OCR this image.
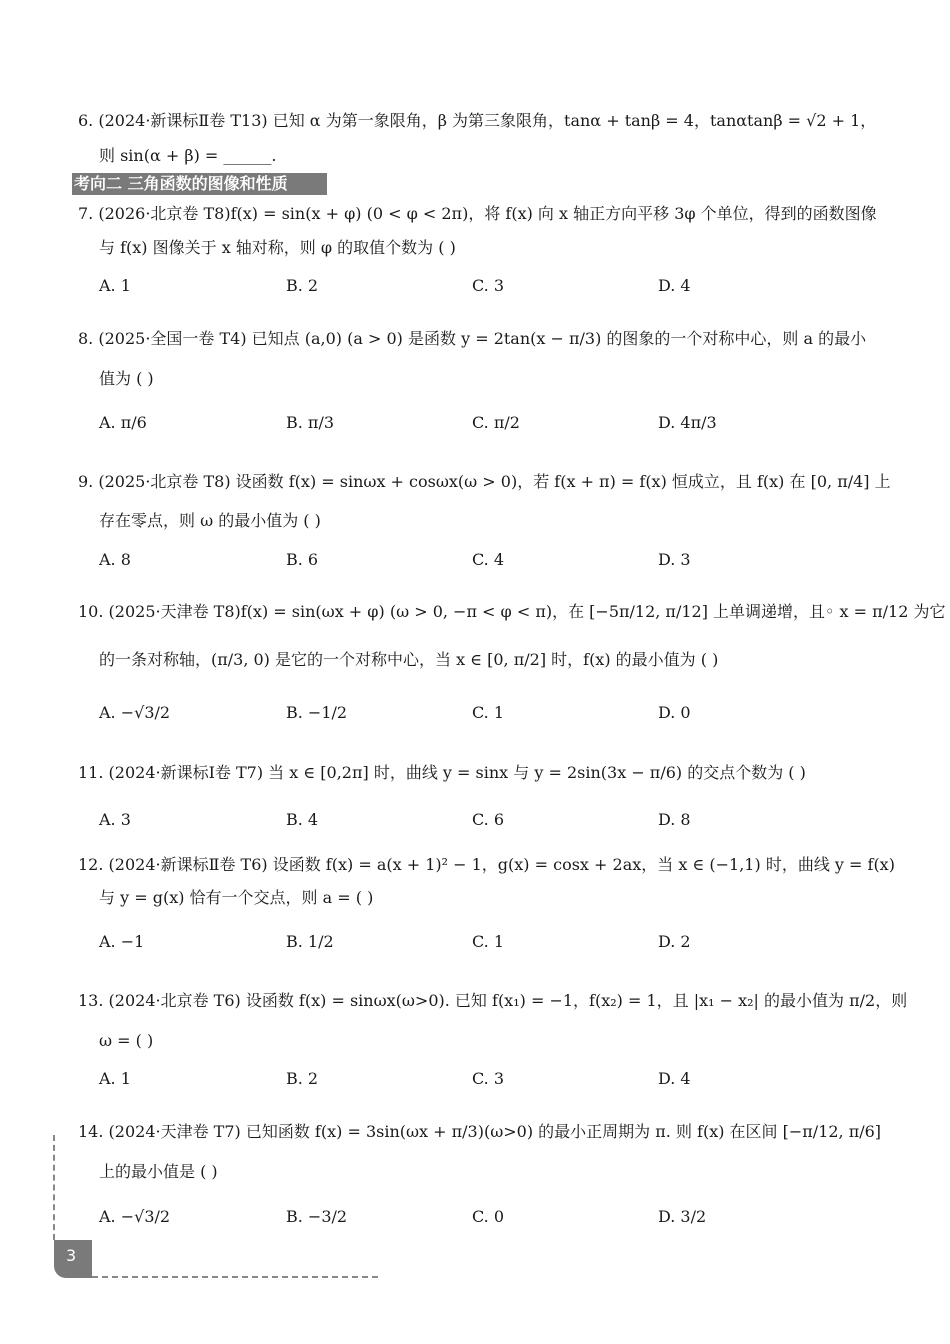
6. (2024·新课标Ⅱ卷 T13) 已知 α 为第一象限角，β 为第三象限角，tanα + tanβ = 4，tanαtanβ = √2 + 1，
则 sin(α + β) = ______.
考向二 三角函数的图像和性质
7. (2026·北京卷 T8)f(x) = sin(x + φ) (0 < φ < 2π)，将 f(x) 向 x 轴正方向平移 3φ 个单位，得到的函数图像
与 f(x) 图像关于 x 轴对称，则 φ 的取值个数为 ( )
A. 1	B. 2	C. 3	D. 4
8. (2025·全国一卷 T4) 已知点 (a,0) (a > 0) 是函数 y = 2tan(x − π/3) 的图象的一个对称中心，则 a 的最小
值为 ( )
A. π/6	B. π/3	C. π/2	D. 4π/3
9. (2025·北京卷 T8) 设函数 f(x) = sinωx + cosωx(ω > 0)，若 f(x + π) = f(x) 恒成立，且 f(x) 在 [0, π/4] 上
存在零点，则 ω 的最小值为 ( )
A. 8	B. 6	C. 4	D. 3
10. (2025·天津卷 T8)f(x) = sin(ωx + φ) (ω > 0, −π < φ < π)，在 [−5π/12, π/12] 上单调递增，且◦ x = π/12 为它
的一条对称轴，(π/3, 0) 是它的一个对称中心，当 x ∈ [0, π/2] 时，f(x) 的最小值为 ( )
A. −√3/2	B. −1/2	C. 1	D. 0
11. (2024·新课标Ⅰ卷 T7) 当 x ∈ [0,2π] 时，曲线 y = sinx 与 y = 2sin(3x − π/6) 的交点个数为 ( )
A. 3	B. 4	C. 6	D. 8
12. (2024·新课标Ⅱ卷 T6) 设函数 f(x) = a(x + 1)² − 1，g(x) = cosx + 2ax，当 x ∈ (−1,1) 时，曲线 y = f(x)
与 y = g(x) 恰有一个交点，则 a = ( )
A. −1	B. 1/2	C. 1	D. 2
13. (2024·北京卷 T6) 设函数 f(x) = sinωx(ω>0). 已知 f(x₁) = −1，f(x₂) = 1，且 |x₁ − x₂| 的最小值为 π/2，则
ω = ( )
A. 1	B. 2	C. 3	D. 4
14. (2024·天津卷 T7) 已知函数 f(x) = 3sin(ωx + π/3)(ω>0) 的最小正周期为 π. 则 f(x) 在区间 [−π/12, π/6]
上的最小值是 ( )
A. −√3/2	B. −3/2	C. 0	D. 3/2
3
